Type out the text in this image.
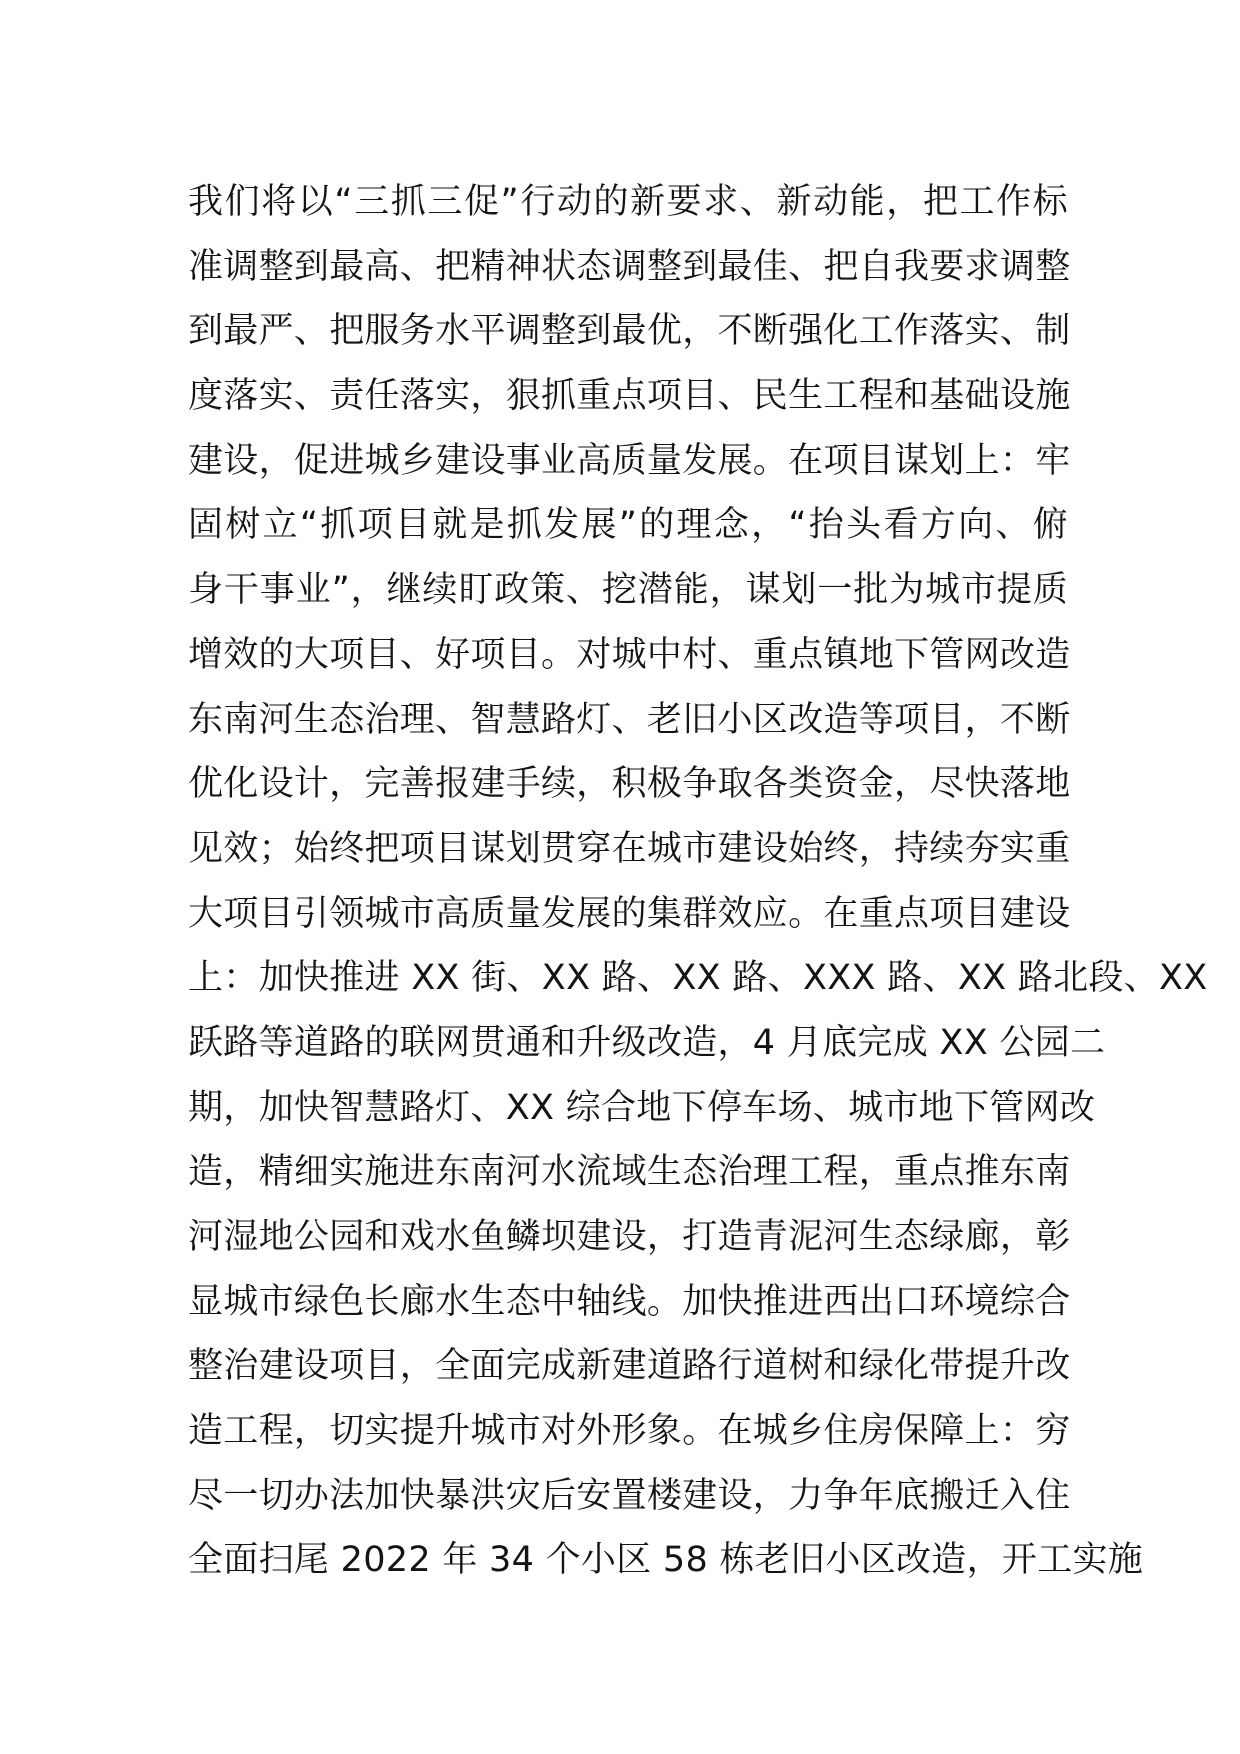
我们将以“三抓三促”行动的新要求、新动能，把工作标
准调整到最高、把精神状态调整到最佳、把自我要求调整
到最严、把服务水平调整到最优，不断强化工作落实、制
度落实、责任落实，狠抓重点项目、民生工程和基础设施
建设，促进城乡建设事业高质量发展。在项目谋划上：牢
固树立“抓项目就是抓发展”的理念，“抬头看方向、俯
身干事业”，继续盯政策、挖潜能，谋划一批为城市提质
增效的大项目、好项目。对城中村、重点镇地下管网改造
东南河生态治理、智慧路灯、老旧小区改造等项目，不断
优化设计，完善报建手续，积极争取各类资金，尽快落地
见效；始终把项目谋划贯穿在城市建设始终，持续夯实重
大项目引领城市高质量发展的集群效应。在重点项目建设
上：加快推进 XX 街、XX 路、XX 路、XXX 路、XX 路北段、XX
跃路等道路的联网贯通和升级改造，4 月底完成 XX 公园二
期，加快智慧路灯、XX 综合地下停车场、城市地下管网改
造，精细实施进东南河水流域生态治理工程，重点推东南
河湿地公园和戏水鱼鳞坝建设，打造青泥河生态绿廊，彰
显城市绿色长廊水生态中轴线。加快推进西出口环境综合
整治建设项目，全面完成新建道路行道树和绿化带提升改
造工程，切实提升城市对外形象。在城乡住房保障上：穷
尽一切办法加快暴洪灾后安置楼建设，力争年底搬迁入住
全面扫尾 2022 年 34 个小区 58 栋老旧小区改造，开工实施
